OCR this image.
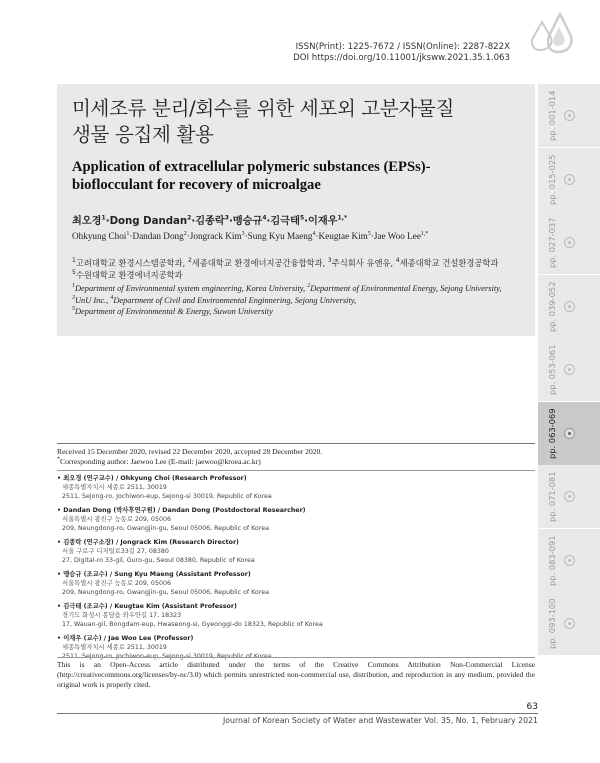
ISSN(Print): 1225-7672 / ISSN(Online): 2287-822X
DOI https://doi.org/10.11001/jksww.2021.35.1.063
미세조류 분리/회수를 위한 세포외 고분자물질
생물 응집제 활용
Application of extracellular polymeric substances (EPSs)-
bioflocculant for recovery of microalgae
최오경$^1$·Dong Dandan$^2$·김종락$^3$·맹승규$^4$·김극태$^5$·이재우$^{1,*}$
Ohkyung Choi$^1$·Dandan Dong$^2$·Jongrack Kim$^3$·Sung Kyu Maeng$^4$·Keugtae Kim$^5$·Jae Woo Lee$^{1,*}$
$^1$고려대학교 환경시스템공학과, $^2$세종대학교 환경에너지공간융합학과, $^3$주식회사 유앤유, $^4$세종대학교 건설환경공학과
$^5$수원대학교 환경에너지공학과
$^1$Department of Environmental system engineering, Korea University, $^2$Department of Environmental Energy, Sejong University,
$^3$UnU Inc., $^4$Department of Civil and Environmental Enginnering, Sejong University,
$^5$Department of Environmental & Energy, Suwon University
Received 15 December 2020, revised 22 December 2020, accepted 28 December 2020.
*Corresponding author: Jaewoo Lee (E-mail: jaewoo@kroea.ac.kr)
• 최오경 (연구교수) / Ohkyung Choi (Research Professor)
세종특별자치시 세종로 2511, 30019
2511, Sejong-ro, Jochiwon-eup, Sejong-si 30019, Republic of Korea
• Dandan Dong (박사후연구원) / Dandan Dong (Postdoctoral Researcher)
서울특별시 광진구 능동로 209, 05006
209, Neungdong-ro, Gwangjin-gu, Seoul 05006, Republic of Korea
• 김종락 (연구소장) / Jongrack Kim (Research Director)
서울 구로구 디지털로33길 27, 08380
27, Digital-ro 33-gil, Guro-gu, Seoul 08380, Republic of Korea
• 맹승규 (조교수) / Sung Kyu Maeng (Assistant Professor)
서울특별시 광진구 능동로 209, 05006
209, Neungdong-ro, Gwangjin-gu, Seoul 05006, Republic of Korea
• 김극태 (조교수) / Keugtae Kim (Assistant Professor)
경기도 화성시 봉담읍 와우안길 17, 18323
17, Wauan-gil, Bongdam-eup, Hwaseong-si, Gyeonggi-do 18323, Republic of Korea
• 이재우 (교수) / Jae Woo Lee (Professor)
세종특별자치시 세종로 2511, 30019
2511, Sejong-ro, Jochiwon-eup, Sejong-si 30019, Republic of Korea
This is an Open-Access article distributed under the terms of the Creative Commons Attribution Non-Commercial License (http://creativecommons.org/licenses/by-nc/3.0) which permits unrestricted non-commercial use, distribution, and reproduction in any medium, provided the original work is properly cited.
63
Journal of Korean Society of Water and Wastewater Vol. 35, No. 1, February 2021
pp. 001-014
pp. 015-025
pp. 027-037
pp. 039-052
pp. 053-061
pp. 063-069
pp. 071-081
pp. 083-091
pp. 093-100
